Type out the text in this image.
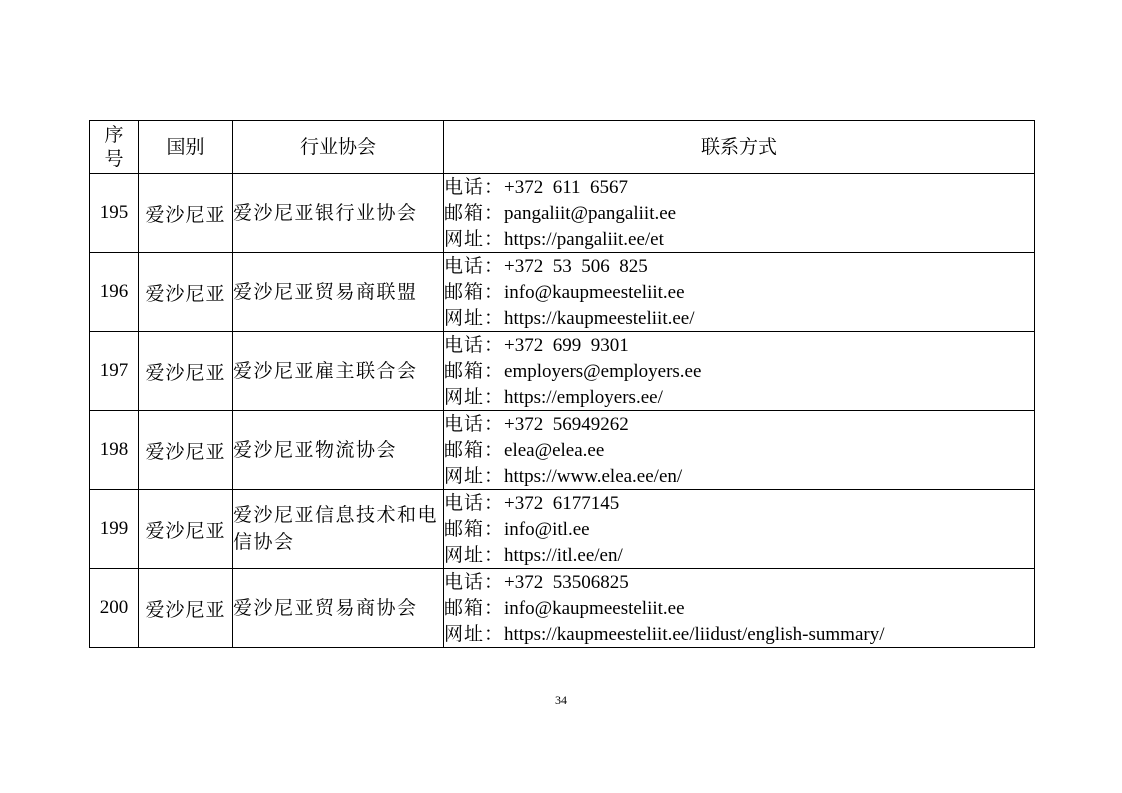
序
号	国别	行业协会	联系方式
195	爱沙尼亚	爱沙尼亚银行业协会	电话：+372  611  6567
邮箱：pangaliit@pangaliit.ee
网址：https://pangaliit.ee/et

196	爱沙尼亚	爱沙尼亚贸易商联盟	电话：+372  53  506  825
邮箱：info@kaupmeesteliit.ee
网址：https://kaupmeesteliit.ee/

197	爱沙尼亚	爱沙尼亚雇主联合会	电话：+372  699  9301
邮箱：employers@employers.ee
网址：https://employers.ee/

198	爱沙尼亚	爱沙尼亚物流协会	电话：+372  56949262
邮箱：elea@elea.ee
网址：https://www.elea.ee/en/

199	爱沙尼亚	爱沙尼亚信息技术和电信协会	电话：+372  6177145
邮箱：info@itl.ee
网址：https://itl.ee/en/

200	爱沙尼亚	爱沙尼亚贸易商协会	电话：+372  53506825
邮箱：info@kaupmeesteliit.ee
网址：https://kaupmeesteliit.ee/liidust/english-summary/
34
